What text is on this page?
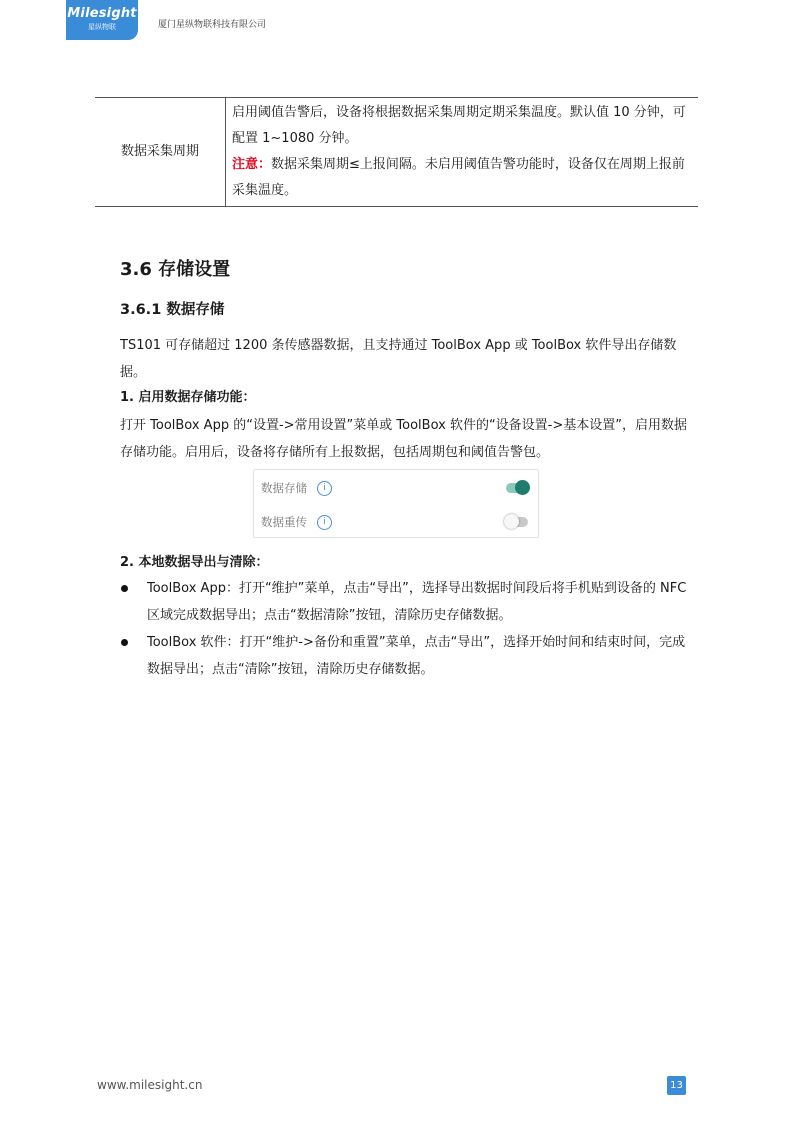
Milesight
星纵物联	厦门星纵物联科技有限公司
数据采集周期	启用阈值告警后，设备将根据数据采集周期定期采集温度。默认值 10 分钟，可配置 1~1080 分钟。
注意：数据采集周期≤上报间隔。未启用阈值告警功能时，设备仅在周期上报前采集温度。
3.6 存储设置
3.6.1 数据存储

TS101 可存储超过 1200 条传感器数据，且支持通过 ToolBox App 或 ToolBox 软件导出存储数据。

1. 启用数据存储功能：

打开 ToolBox App 的“设置->常用设置”菜单或 ToolBox 软件的“设备设置->基本设置”，启用数据存储功能。启用后，设备将存储所有上报数据，包括周期包和阈值告警包。

数据存储	i
数据重传	i

2. 本地数据导出与清除：

ToolBox App：打开“维护”菜单，点击“导出”，选择导出数据时间段后将手机贴到设备的 NFC 区域完成数据导出；点击“数据清除”按钮，清除历史存储数据。
ToolBox 软件：打开“维护->备份和重置”菜单，点击“导出”，选择开始时间和结束时间，完成数据导出；点击“清除”按钮，清除历史存储数据。
www.milesight.cn	13
